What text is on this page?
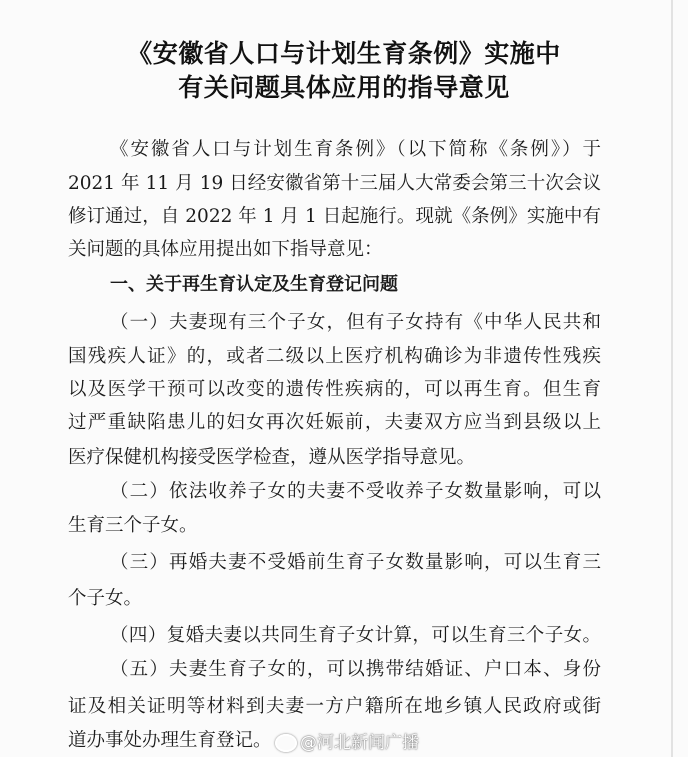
《安徽省人口与计划生育条例》实施中
有关问题具体应用的指导意见
《安徽省人口与计划生育条例》（以下简称《条例》）于
2021 年 11 月 19 日经安徽省第十三届人大常委会第三十次会议
修订通过，自 2022 年 1 月 1 日起施行。现就《条例》实施中有
关问题的具体应用提出如下指导意见：
一、关于再生育认定及生育登记问题
（一）夫妻现有三个子女，但有子女持有《中华人民共和
国残疾人证》的，或者二级以上医疗机构确诊为非遗传性残疾
以及医学干预可以改变的遗传性疾病的，可以再生育。但生育
过严重缺陷患儿的妇女再次妊娠前，夫妻双方应当到县级以上
医疗保健机构接受医学检查，遵从医学指导意见。
（二）依法收养子女的夫妻不受收养子女数量影响，可以
生育三个子女。
（三）再婚夫妻不受婚前生育子女数量影响，可以生育三
个子女。
（四）复婚夫妻以共同生育子女计算，可以生育三个子女。
（五）夫妻生育子女的，可以携带结婚证、户口本、身份
证及相关证明等材料到夫妻一方户籍所在地乡镇人民政府或街
道办事处办理生育登记。	@河北新闻广播
